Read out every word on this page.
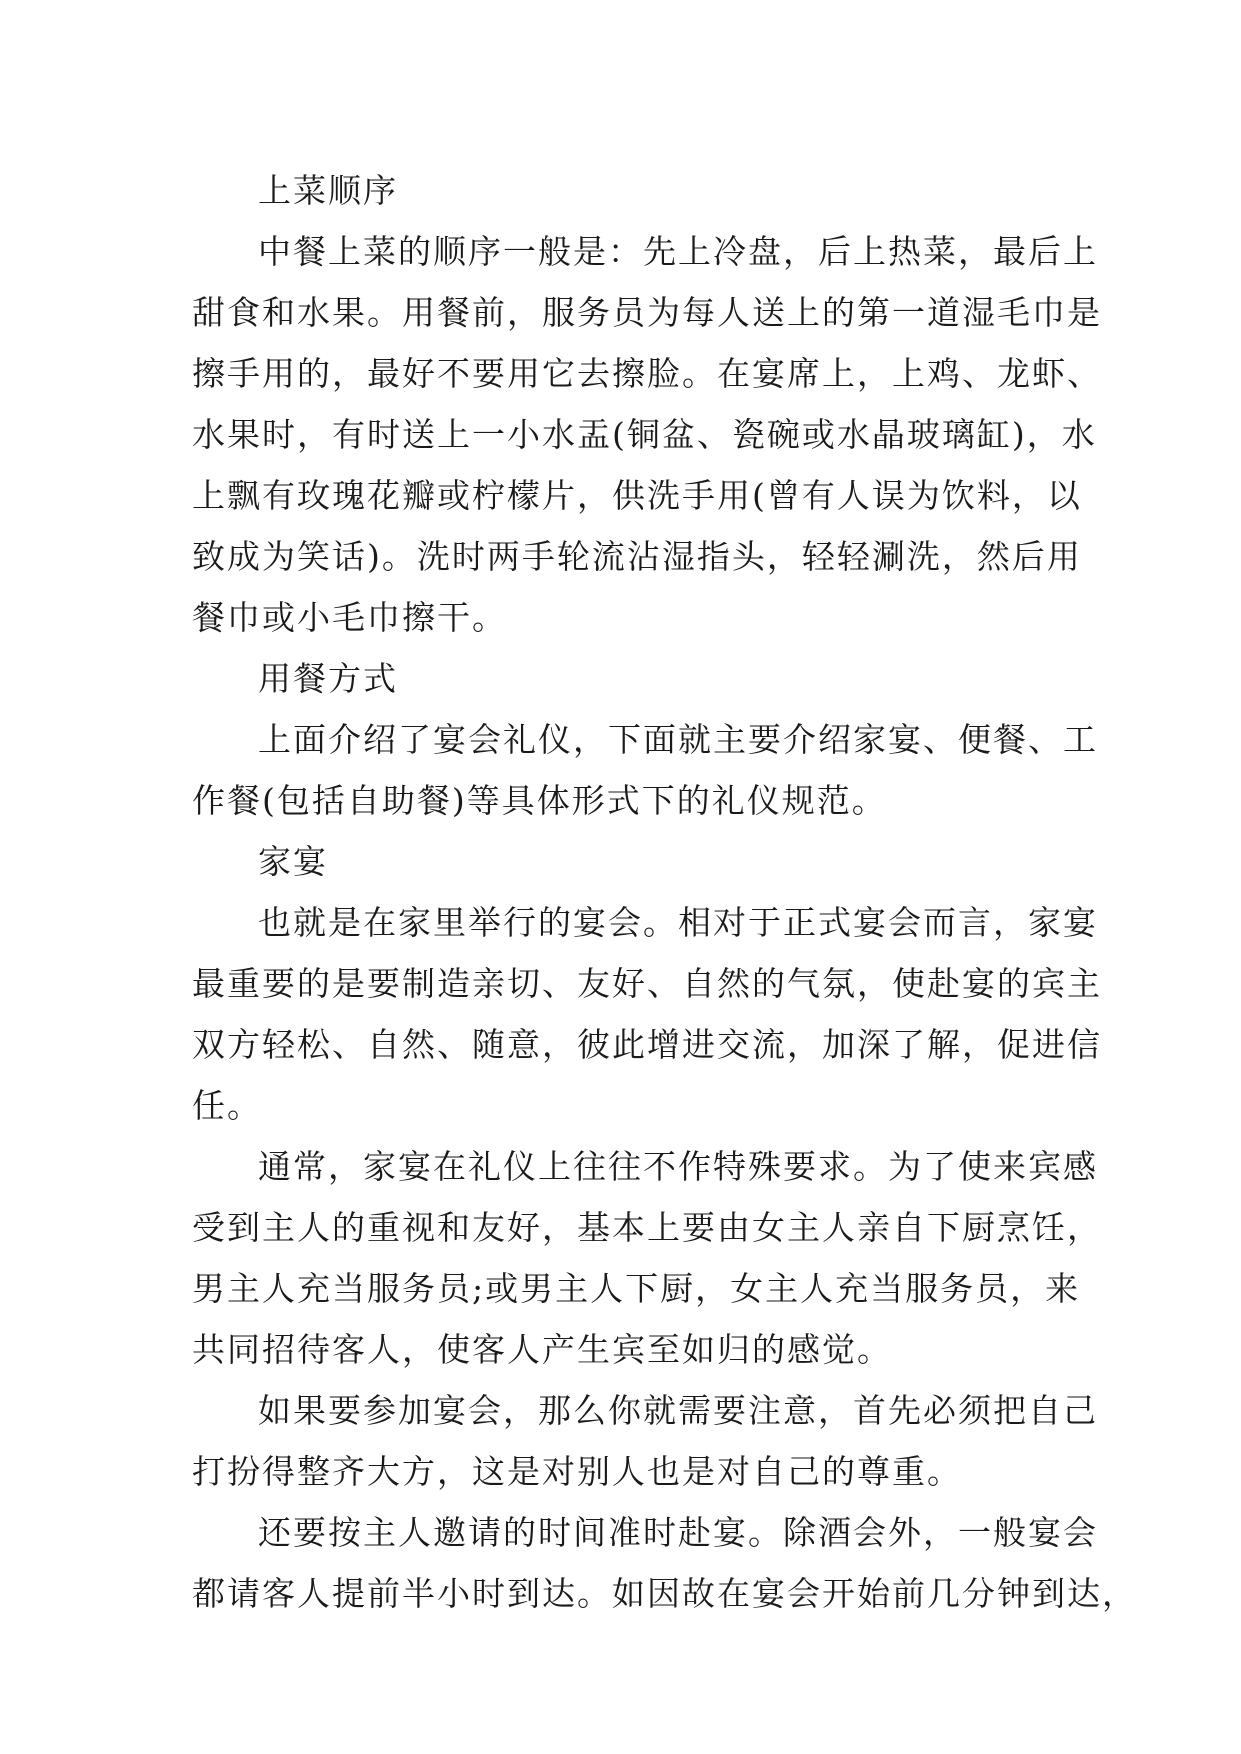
上菜顺序
中餐上菜的顺序一般是：先上冷盘，后上热菜，最后上
甜食和水果。用餐前，服务员为每人送上的第一道湿毛巾是
擦手用的，最好不要用它去擦脸。在宴席上，上鸡、龙虾、
水果时，有时送上一小水盂(铜盆、瓷碗或水晶玻璃缸)，水
上飘有玫瑰花瓣或柠檬片，供洗手用(曾有人误为饮料，以
致成为笑话)。洗时两手轮流沾湿指头，轻轻涮洗，然后用
餐巾或小毛巾擦干。
用餐方式
上面介绍了宴会礼仪，下面就主要介绍家宴、便餐、工
作餐(包括自助餐)等具体形式下的礼仪规范。
家宴
也就是在家里举行的宴会。相对于正式宴会而言，家宴
最重要的是要制造亲切、友好、自然的气氛，使赴宴的宾主
双方轻松、自然、随意，彼此增进交流，加深了解，促进信
任。
通常，家宴在礼仪上往往不作特殊要求。为了使来宾感
受到主人的重视和友好，基本上要由女主人亲自下厨烹饪，
男主人充当服务员;或男主人下厨，女主人充当服务员，来
共同招待客人，使客人产生宾至如归的感觉。
如果要参加宴会，那么你就需要注意，首先必须把自己
打扮得整齐大方，这是对别人也是对自己的尊重。
还要按主人邀请的时间准时赴宴。除酒会外，一般宴会
都请客人提前半小时到达。如因故在宴会开始前几分钟到达，
